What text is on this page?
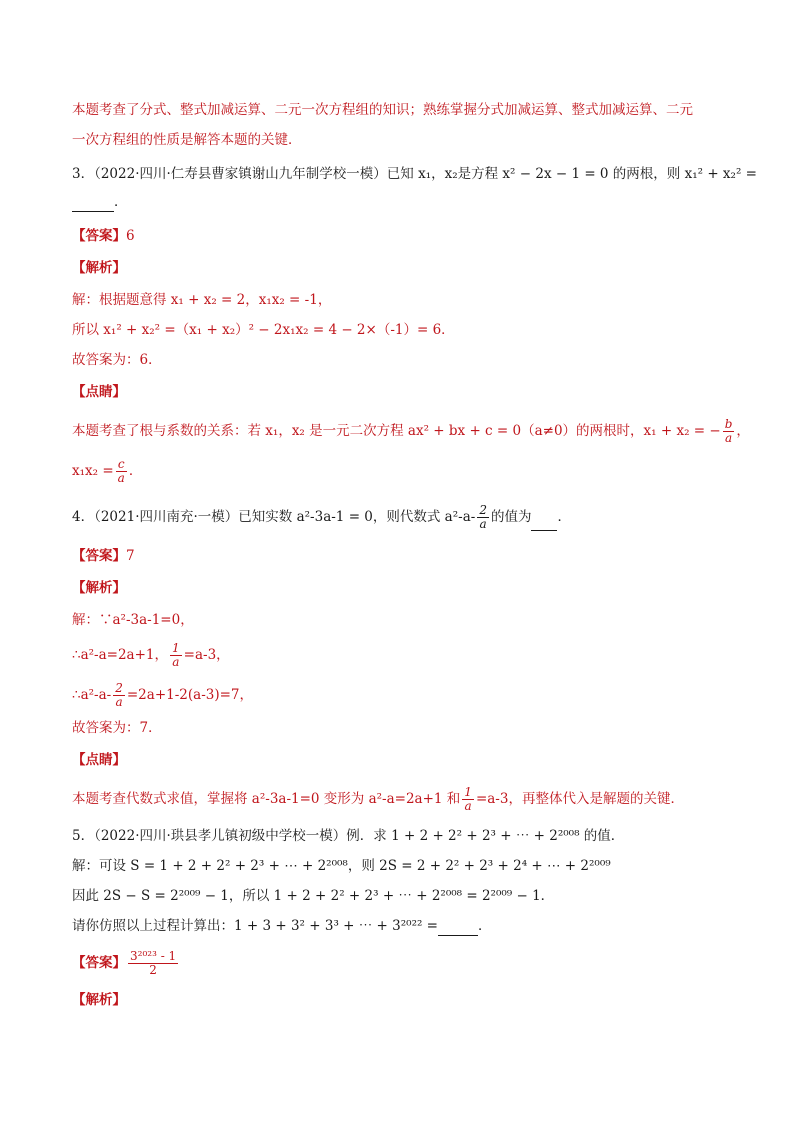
本题考查了分式、整式加减运算、二元一次方程组的知识；熟练掌握分式加减运算、整式加减运算、二元
一次方程组的性质是解答本题的关键．
3．（2022·四川·仁寿县曹家镇谢山九年制学校一模）已知 x₁，x₂是方程 x² − 2x − 1 = 0 的两根，则 x₁² + x₂² =
．
【答案】6
【解析】
解：根据题意得 x₁ + x₂ = 2，x₁x₂ = -1，
所以 x₁² + x₂² =（x₁ + x₂）² − 2x₁x₂ = 4 − 2×（-1）= 6．
故答案为：6．
【点睛】
本题考查了根与系数的关系：若 x₁，x₂ 是一元二次方程 ax² + bx + c = 0（a≠0）的两根时，x₁ + x₂ = − $\frac{b}{a}$ ，
$x_1x_2 = \frac{c}{a}$ ．
4．（2021·四川南充·一模）已知实数 a²-3a-1 = 0，则代数式 $a^2-a- \frac{2}{a}$ 的值为 ．
【答案】7
【解析】
解：∵a²-3a-1=0，
∴a²-a=2a+1， $\frac{1}{a} =a-3$，
∴a²-a- $\frac{2}{a} =2a+1-2(a-3)=7$，
故答案为：7．
【点睛】
本题考查代数式求值，掌握将 a²-3a-1=0 变形为 a²-a=2a+1 和 $\frac{1}{a} =a-3$，再整体代入是解题的关键．
5．（2022·四川·珙县孝儿镇初级中学校一模）例．求 1 + 2 + 2² + 2³ + ⋯ + 2²⁰⁰⁸ 的值．
解：可设 S = 1 + 2 + 2² + 2³ + ⋯ + 2²⁰⁰⁸，则 2S = 2 + 2² + 2³ + 2⁴ + ⋯ + 2²⁰⁰⁹
因此 2S − S = 2²⁰⁰⁹ − 1，所以 1 + 2 + 2² + 2³ + ⋯ + 2²⁰⁰⁸ = 2²⁰⁰⁹ − 1．
请你仿照以上过程计算出：1 + 3 + 3² + 3³ + ⋯ + 3²⁰²² =	．
【答案】 $\frac{\text{3²⁰²³ - 1}}{2}$
【解析】
